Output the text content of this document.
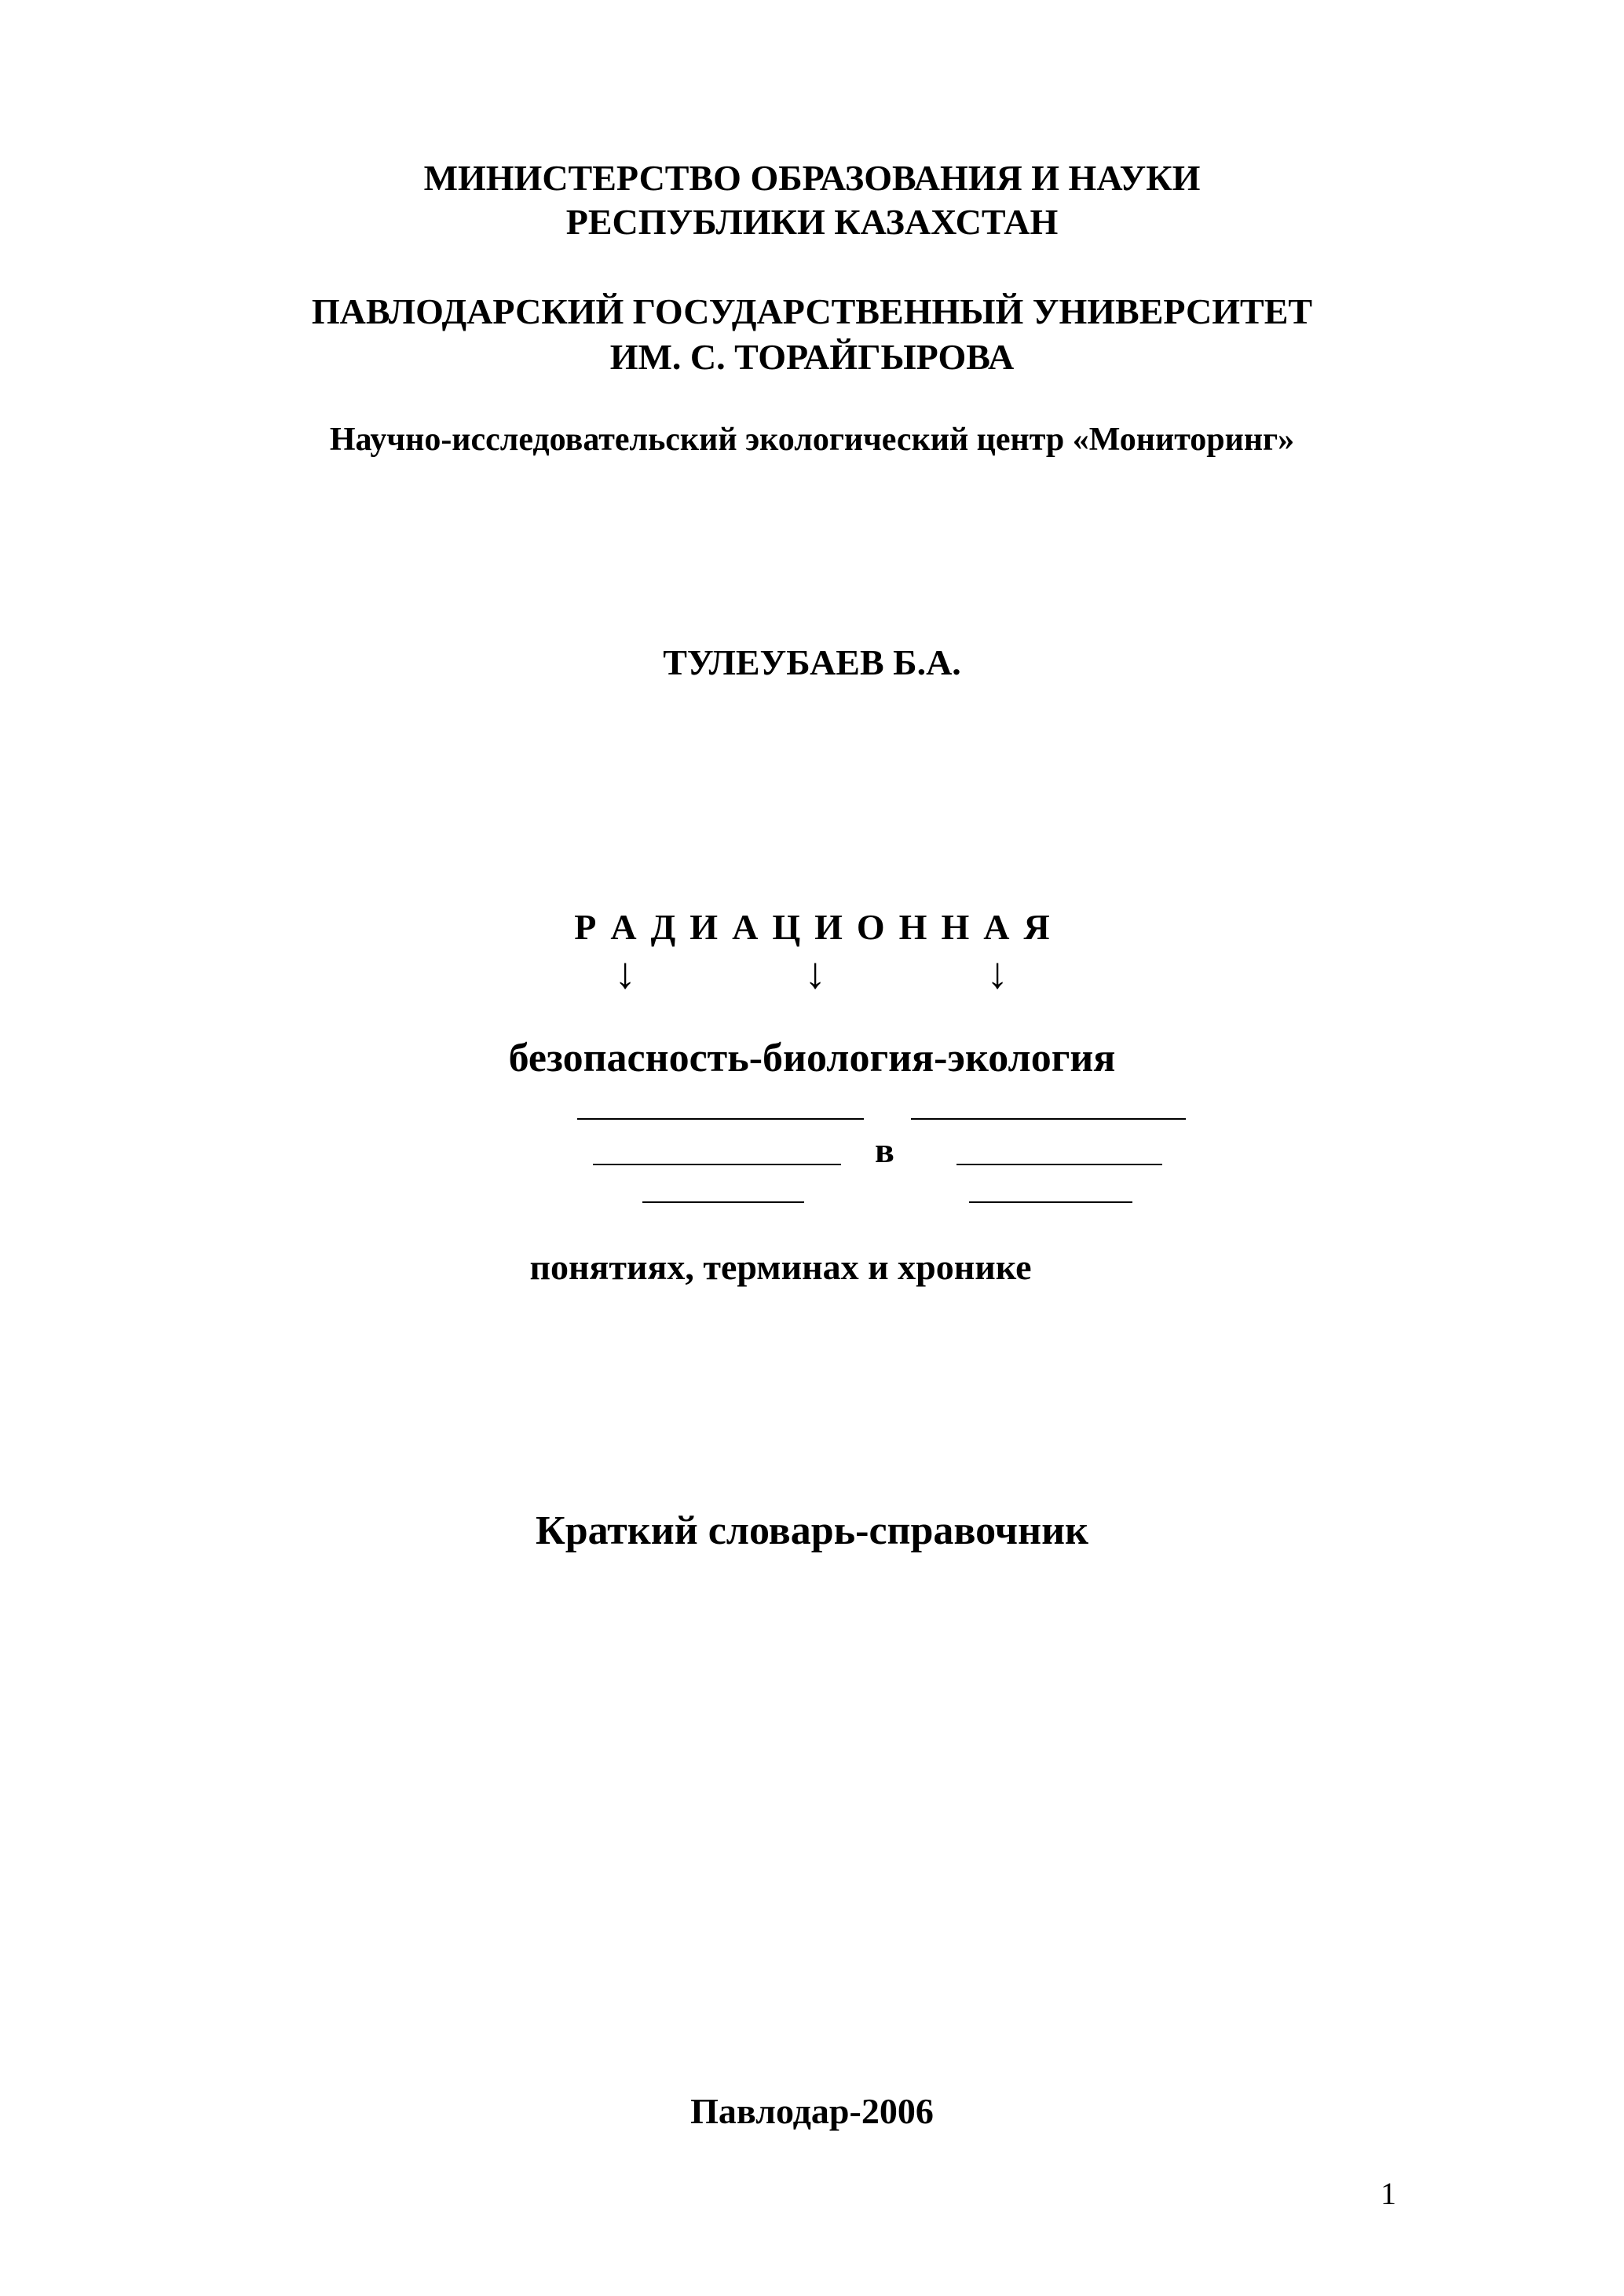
МИНИСТЕРСТВО ОБРАЗОВАНИЯ И НАУКИ
РЕСПУБЛИКИ КАЗАХСТАН
ПАВЛОДАРСКИЙ ГОСУДАРСТВЕННЫЙ УНИВЕРСИТЕТ
ИМ. С. ТОРАЙГЫРОВА
Научно-исследовательский экологический центр «Мониторинг»
ТУЛЕУБАЕВ Б.А.
Р А Д И А Ц И О Н Н А Я
↓	↓	↓
безопасность-биология-экология
в
понятиях, терминах и хронике
Краткий словарь-справочник
Павлодар-2006
1
